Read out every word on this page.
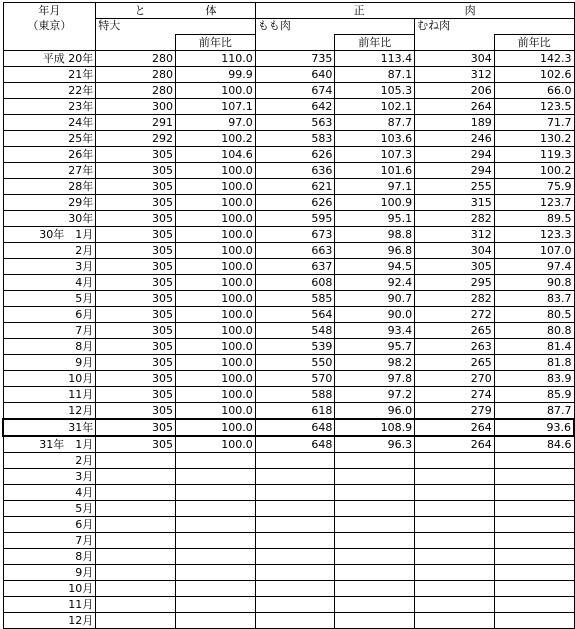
年月
（東京）	と 体		正 肉			
	特大		もも肉		むね肉	
		前年比		前年比		前年比
平成 20年	280	110.0	735	113.4	304	142.3
21年	280	99.9	640	87.1	312	102.6
22年	280	100.0	674	105.3	206	66.0
23年	300	107.1	642	102.1	264	123.5
24年	291	97.0	563	87.7	189	71.7
25年	292	100.2	583	103.6	246	130.2
26年	305	104.6	626	107.3	294	119.3
27年	305	100.0	636	101.6	294	100.2
28年	305	100.0	621	97.1	255	75.9
29年	305	100.0	626	100.9	315	123.7
30年	305	100.0	595	95.1	282	89.5
30年　1月	305	100.0	673	98.8	312	123.3
2月	305	100.0	663	96.8	304	107.0
3月	305	100.0	637	94.5	305	97.4
4月	305	100.0	608	92.4	295	90.8
5月	305	100.0	585	90.7	282	83.7
6月	305	100.0	564	90.0	272	80.5
7月	305	100.0	548	93.4	265	80.8
8月	305	100.0	539	95.7	263	81.4
9月	305	100.0	550	98.2	265	81.8
10月	305	100.0	570	97.8	270	83.9
11月	305	100.0	588	97.2	274	85.9
12月	305	100.0	618	96.0	279	87.7
31年	305	100.0	648	108.9	264	93.6
31年　1月	305	100.0	648	96.3	264	84.6
2月						
3月						
4月						
5月						
6月						
7月						
8月						
9月						
10月						
11月						
12月						
